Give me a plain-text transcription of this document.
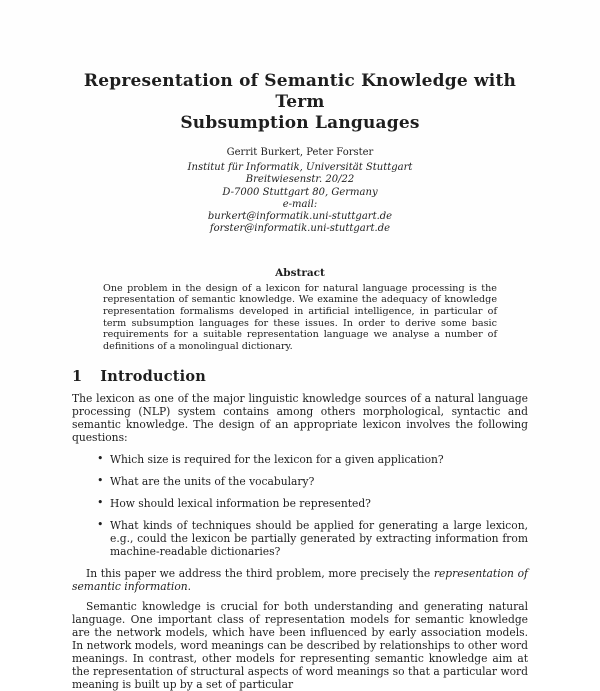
Representation of Semantic Knowledge with Term
Subsumption Languages
Gerrit Burkert, Peter Forster
Institut für Informatik, Universität Stuttgart
Breitwiesenstr. 20/22
D-7000 Stuttgart 80, Germany
e-mail:
burkert@informatik.uni-stuttgart.de
forster@informatik.uni-stuttgart.de
Abstract

One problem in the design of a lexicon for natural language processing is the representation of semantic knowledge. We examine the adequacy of knowledge representation formalisms developed in artificial intelligence, in particular of term subsumption languages for these issues. In order to derive some basic requirements for a suitable representation language we analyse a number of definitions of a monolingual dictionary.

1 Introduction

The lexicon as one of the major linguistic knowledge sources of a natural language processing (NLP) system contains among others morphological, syntactic and semantic knowledge. The design of an appropriate lexicon involves the following questions:

• Which size is required for the lexicon for a given application?
• What are the units of the vocabulary?
• How should lexical information be represented?
• What kinds of techniques should be applied for generating a large lexicon, e.g., could the lexicon be partially generated by extracting information from machine-readable dictionaries?

In this paper we address the third problem, more precisely the representation of semantic information.

Semantic knowledge is crucial for both understanding and generating natural language. One important class of representation models for semantic knowledge are the network models, which have been influenced by early association models. In network models, word meanings can be described by relationships to other word meanings. In contrast, other models for representing semantic knowledge aim at the representation of structural aspects of word meanings so that a particular word meaning is built up by a set of particular
